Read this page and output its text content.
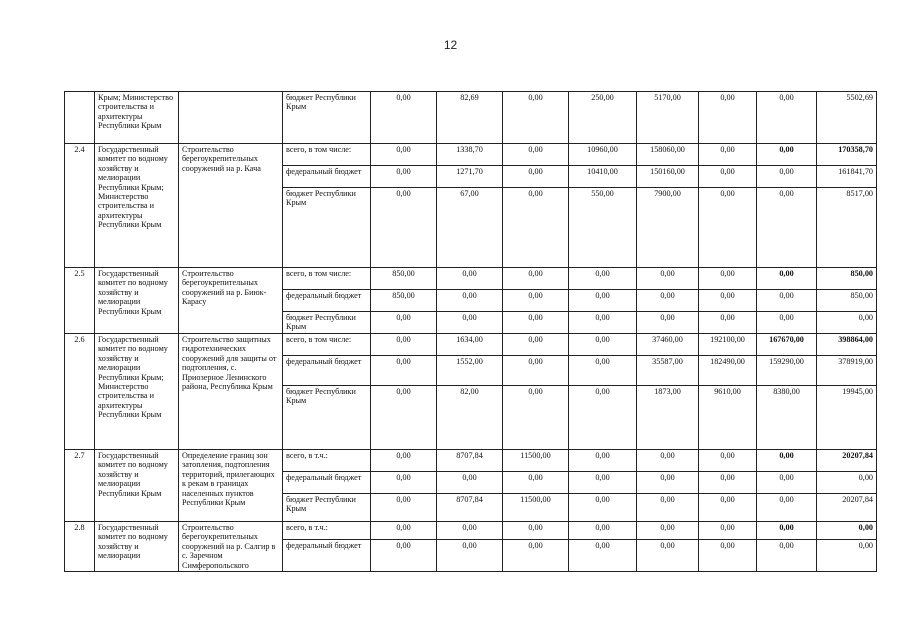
12
	Крым; Министерство строительства и архитектуры Республики Крым		бюджет Республики Крым	0,00	82,69	0,00	250,00	5170,00	0,00	0,00	5502,69
2.4	Государственный комитет по водному хозяйству и мелиорации Республики Крым; Министерство строительства и архитектуры Республики Крым	Строительство берегоукрепительных сооружений на р. Кача	всего, в том числе:	0,00	1338,70	0,00	10960,00	158060,00	0,00	0,00	170358,70
			федеральный бюджет	0,00	1271,70	0,00	10410,00	150160,00	0,00	0,00	161841,70
			бюджет Республики Крым	0,00	67,00	0,00	550,00	7900,00	0,00	0,00	8517,00
2.5	Государственный комитет по водному хозяйству и мелиорации Республики Крым	Строительство берегоукрепительных сооружений на р. Биюк-Карасу	всего, в том числе:	850,00	0,00	0,00	0,00	0,00	0,00	0,00	850,00
			федеральный бюджет	850,00	0,00	0,00	0,00	0,00	0,00	0,00	850,00
			бюджет Республики Крым	0,00	0,00	0,00	0,00	0,00	0,00	0,00	0,00
2.6	Государственный комитет по водному хозяйству и мелиорации Республики Крым; Министерство строительства и архитектуры Республики Крым	Строительство защитных гидротехнических сооружений для защиты от подтопления, с. Приозерное Ленинского района, Республика Крым	всего, в том числе:	0,00	1634,00	0,00	0,00	37460,00	192100,00	167670,00	398864,00
			федеральный бюджет	0,00	1552,00	0,00	0,00	35587,00	182490,00	159290,00	378919,00
			бюджет Республики Крым	0,00	82,00	0,00	0,00	1873,00	9610,00	8380,00	19945,00
2.7	Государственный комитет по водному хозяйству и мелиорации Республики Крым	Определение границ зон затопления, подтопления территорий, прилегающих к рекам в границах населенных пунктов Республики Крым	всего, в т.ч.:	0,00	8707,84	11500,00	0,00	0,00	0,00	0,00	20207,84
			федеральный бюджет	0,00	0,00	0,00	0,00	0,00	0,00	0,00	0,00
			бюджет Республики Крым	0,00	8707,84	11500,00	0,00	0,00	0,00	0,00	20207,84
2.8	Государственный комитет по водному хозяйству и мелиорации	Строительство берегоукрепительных сооружений на р. Салгир в с. Заречном Симферопольского	всего, в т.ч.:	0,00	0,00	0,00	0,00	0,00	0,00	0,00	0,00
			федеральный бюджет	0,00	0,00	0,00	0,00	0,00	0,00	0,00	0,00
